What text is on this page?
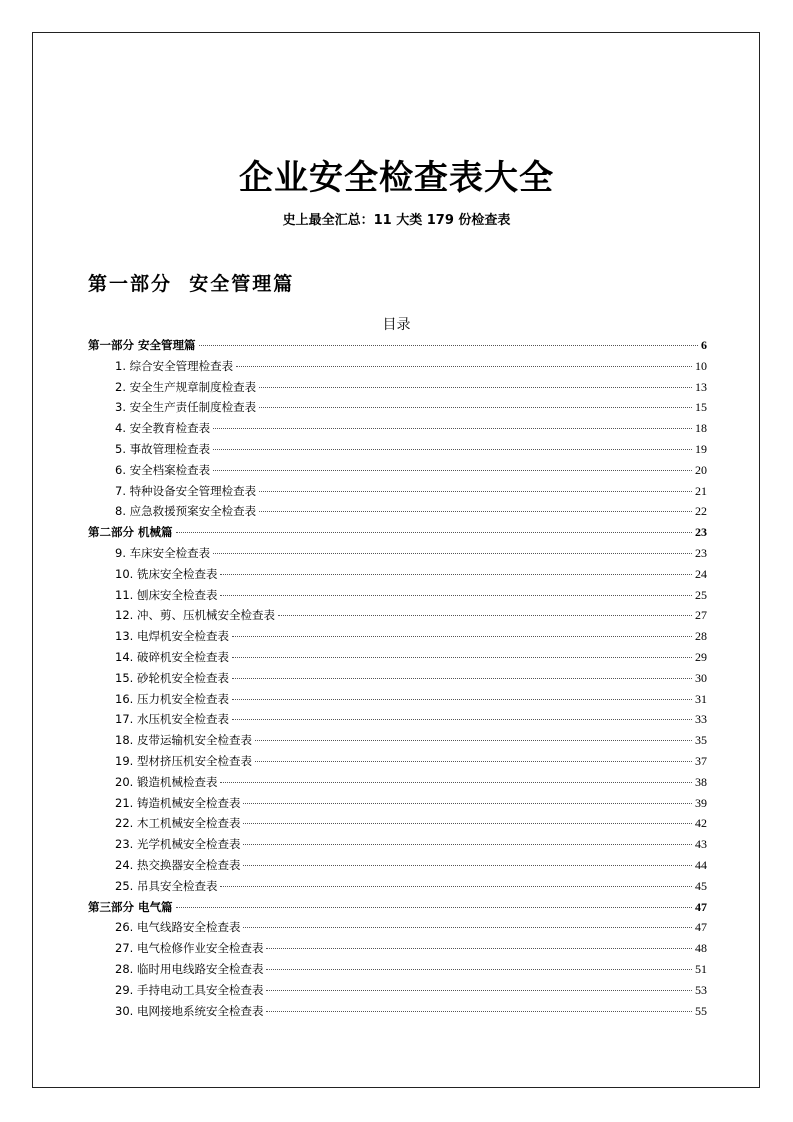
企业安全检查表大全
史上最全汇总：11 大类 179 份检查表
第一部分  安全管理篇
目录
第一部分 安全管理篇	6
1. 综合安全管理检查表	10
2. 安全生产规章制度检查表	13
3. 安全生产责任制度检查表	15
4. 安全教育检查表	18
5. 事故管理检查表	19
6. 安全档案检查表	20
7. 特种设备安全管理检查表	21
8. 应急救援预案安全检查表	22
第二部分 机械篇	23
9. 车床安全检查表	23
10. 铣床安全检查表	24
11. 刨床安全检查表	25
12. 冲、剪、压机械安全检查表	27
13. 电焊机安全检查表	28
14. 破碎机安全检查表	29
15. 砂轮机安全检查表	30
16. 压力机安全检查表	31
17. 水压机安全检查表	33
18. 皮带运输机安全检查表	35
19. 型材挤压机安全检查表	37
20. 锻造机械检查表	38
21. 铸造机械安全检查表	39
22. 木工机械安全检查表	42
23. 光学机械安全检查表	43
24. 热交换器安全检查表	44
25. 吊具安全检查表	45
第三部分 电气篇	47
26. 电气线路安全检查表	47
27. 电气检修作业安全检查表	48
28. 临时用电线路安全检查表	51
29. 手持电动工具安全检查表	53
30. 电网接地系统安全检查表	55
